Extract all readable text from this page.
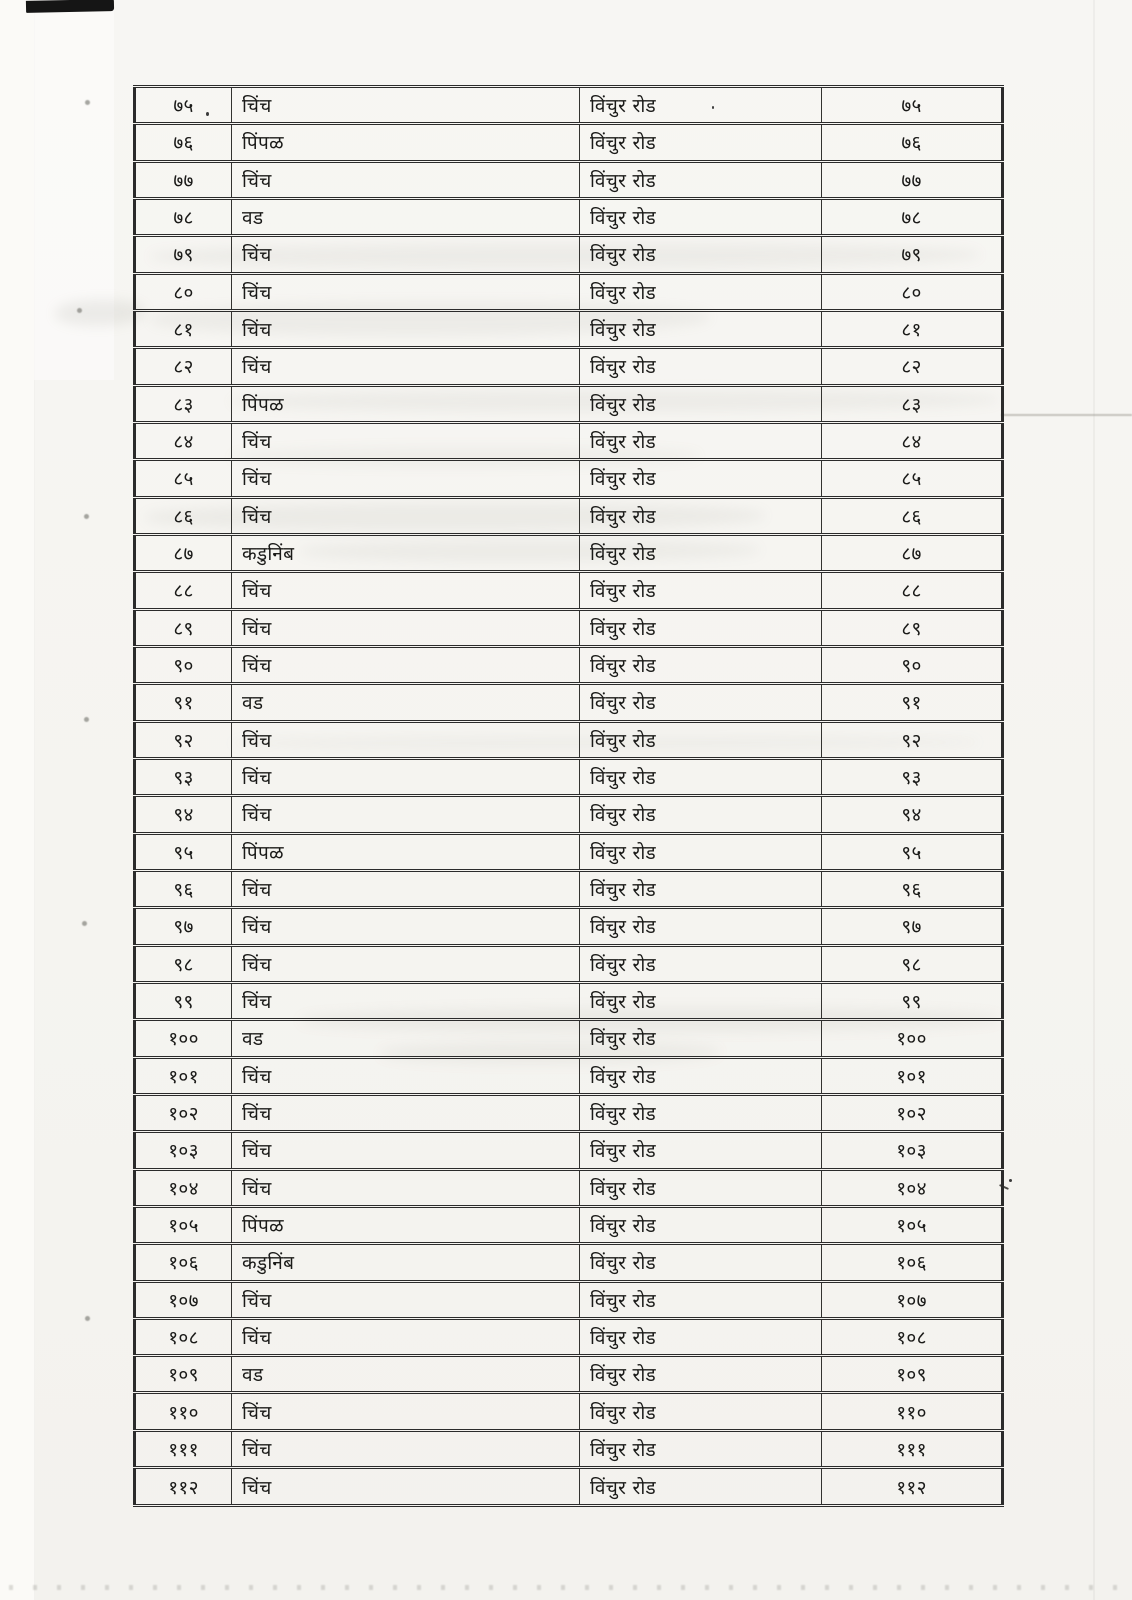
७५	चिंच	विंचुर रोड	७५
७६	पिंपळ	विंचुर रोड	७६
७७	चिंच	विंचुर रोड	७७
७८	वड	विंचुर रोड	७८
७९	चिंच	विंचुर रोड	७९
८०	चिंच	विंचुर रोड	८०
८१	चिंच	विंचुर रोड	८१
८२	चिंच	विंचुर रोड	८२
८३	पिंपळ	विंचुर रोड	८३
८४	चिंच	विंचुर रोड	८४
८५	चिंच	विंचुर रोड	८५
८६	चिंच	विंचुर रोड	८६
८७	कडुनिंब	विंचुर रोड	८७
८८	चिंच	विंचुर रोड	८८
८९	चिंच	विंचुर रोड	८९
९०	चिंच	विंचुर रोड	९०
९१	वड	विंचुर रोड	९१
९२	चिंच	विंचुर रोड	९२
९३	चिंच	विंचुर रोड	९३
९४	चिंच	विंचुर रोड	९४
९५	पिंपळ	विंचुर रोड	९५
९६	चिंच	विंचुर रोड	९६
९७	चिंच	विंचुर रोड	९७
९८	चिंच	विंचुर रोड	९८
९९	चिंच	विंचुर रोड	९९
१००	वड	विंचुर रोड	१००
१०१	चिंच	विंचुर रोड	१०१
१०२	चिंच	विंचुर रोड	१०२
१०३	चिंच	विंचुर रोड	१०३
१०४	चिंच	विंचुर रोड	१०४
१०५	पिंपळ	विंचुर रोड	१०५
१०६	कडुनिंब	विंचुर रोड	१०६
१०७	चिंच	विंचुर रोड	१०७
१०८	चिंच	विंचुर रोड	१०८
१०९	वड	विंचुर रोड	१०९
११०	चिंच	विंचुर रोड	११०
१११	चिंच	विंचुर रोड	१११
११२	चिंच	विंचुर रोड	११२
